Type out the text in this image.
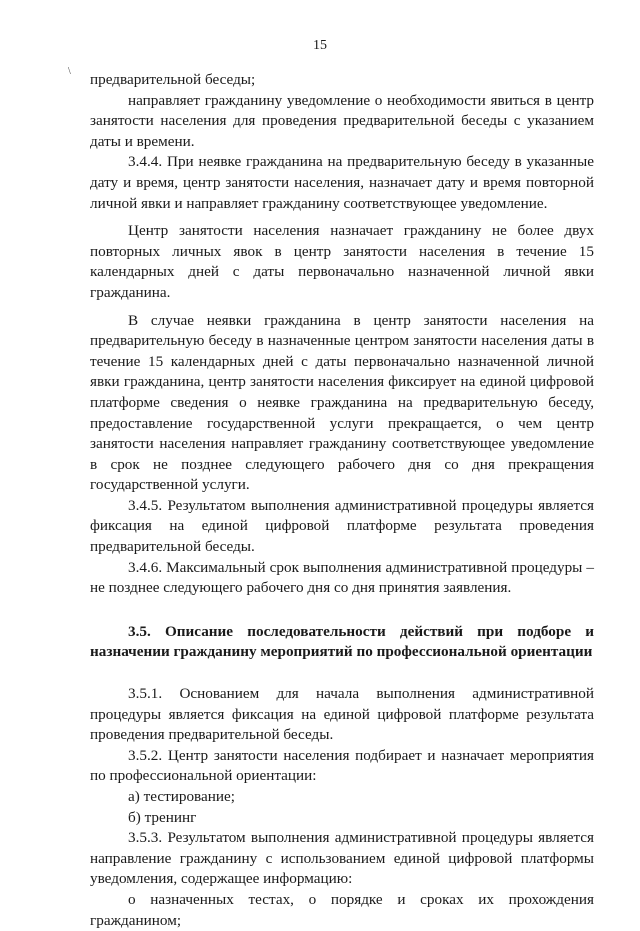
15
\ предварительной беседы;

направляет гражданину уведомление о необходимости явиться в центр занятости населения для проведения предварительной беседы с указанием даты и времени.

3.4.4. При неявке гражданина на предварительную беседу в указанные дату и время, центр занятости населения, назначает дату и время повторной личной явки и направляет гражданину соответствующее уведомление.

Центр занятости населения назначает гражданину не более двух повторных личных явок в центр занятости населения в течение 15 календарных дней с даты первоначально назначенной личной явки гражданина.

В случае неявки гражданина в центр занятости населения на предварительную беседу в назначенные центром занятости населения даты в течение 15 календарных дней с даты первоначально назначенной личной явки гражданина, центр занятости населения фиксирует на единой цифровой платформе сведения о неявке гражданина на предварительную беседу, предоставление государственной услуги прекращается, о чем центр занятости населения направляет гражданину соответствующее уведомление в срок не позднее следующего рабочего дня со дня прекращения государственной услуги.

3.4.5. Результатом выполнения административной процедуры является фиксация на единой цифровой платформе результата проведения предварительной беседы.

3.4.6. Максимальный срок выполнения административной процедуры – не позднее следующего рабочего дня со дня принятия заявления.

3.5. Описание последовательности действий при подборе и назначении гражданину мероприятий по профессиональной ориентации

3.5.1. Основанием для начала выполнения административной процедуры является фиксация на единой цифровой платформе результата проведения предварительной беседы.

3.5.2. Центр занятости населения подбирает и назначает мероприятия по профессиональной ориентации:

а) тестирование;

б) тренинг

3.5.3. Результатом выполнения административной процедуры является направление гражданину с использованием единой цифровой платформы уведомления, содержащее информацию:

о назначенных тестах, о порядке и сроках их прохождения гражданином;
